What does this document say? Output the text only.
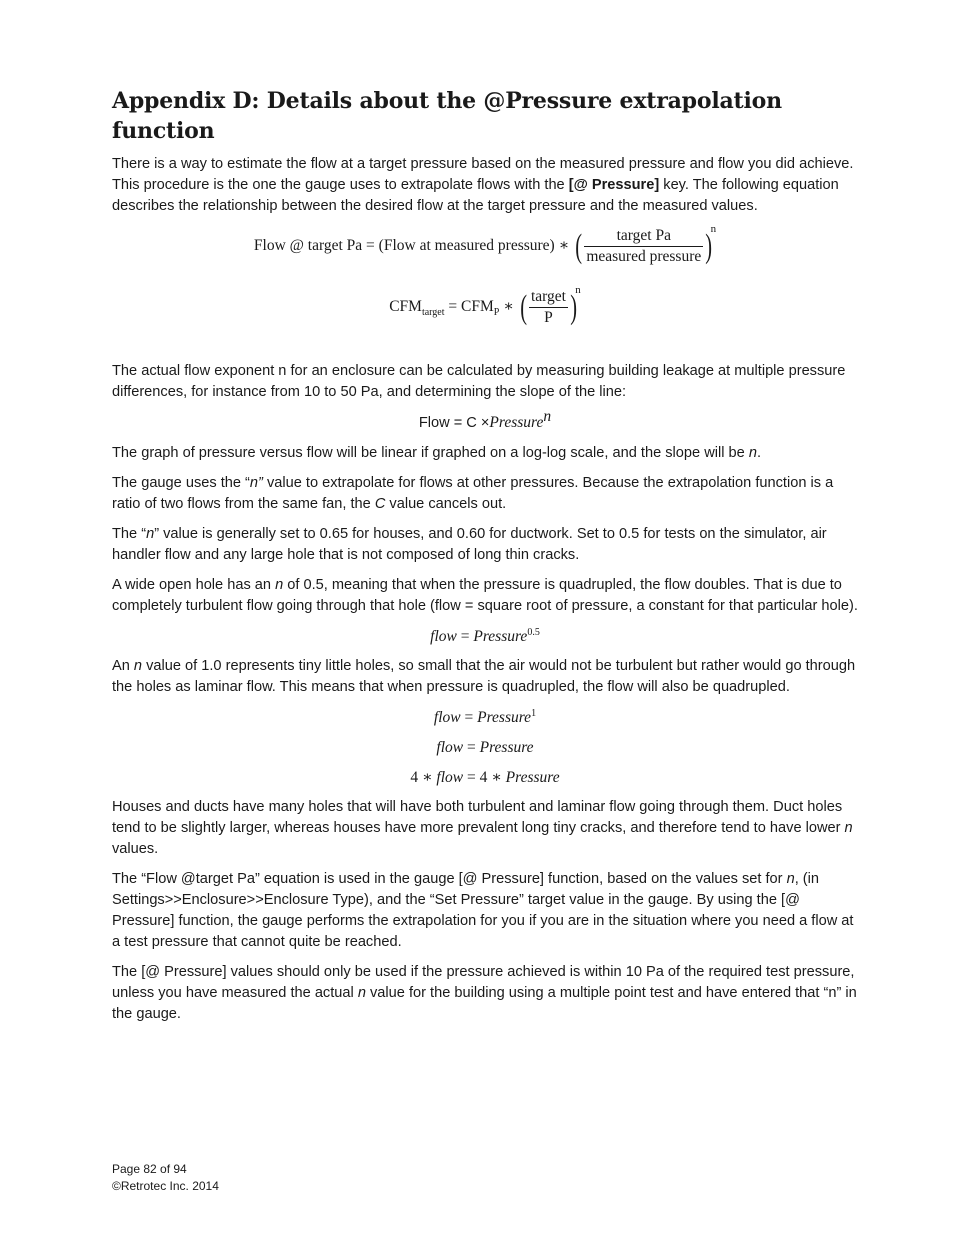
Appendix D: Details about the @Pressure extrapolation function

There is a way to estimate the flow at a target pressure based on the measured pressure and flow you did achieve. This procedure is the one the gauge uses to extrapolate flows with the [@ Pressure] key. The following equation describes the relationship between the desired flow at the target pressure and the measured values.

Flow @ target Pa = (Flow at measured pressure) ∗ ( $\frac{\text{target Pa}}{\text{measured pressure}} )n$
$CFM_{target} = CFM_P$ ∗ ( $\frac{\text{target}}{P} )n$

The actual flow exponent n for an enclosure can be calculated by measuring building leakage at multiple pressure differences, for instance from 10 to 50 Pa, and determining the slope of the line:

Flow = C ×Pressure$^n$

The graph of pressure versus flow will be linear if graphed on a log-log scale, and the slope will be n.

The gauge uses the “n” value to extrapolate for flows at other pressures. Because the extrapolation function is a ratio of two flows from the same fan, the C value cancels out.

The “n” value is generally set to 0.65 for houses, and 0.60 for ductwork. Set to 0.5 for tests on the simulator, air handler flow and any large hole that is not composed of long thin cracks.

A wide open hole has an n of 0.5, meaning that when the pressure is quadrupled, the flow doubles. That is due to completely turbulent flow going through that hole (flow = square root of pressure, a constant for that particular hole).

flow = Pressure$^{0.5}$

An n value of 1.0 represents tiny little holes, so small that the air would not be turbulent but rather would go through the holes as laminar flow. This means that when pressure is quadrupled, the flow will also be quadrupled.

flow = Pressure$^1$
flow = Pressure
4 ∗ flow = 4 ∗ Pressure

Houses and ducts have many holes that will have both turbulent and laminar flow going through them. Duct holes tend to be slightly larger, whereas houses have more prevalent long tiny cracks, and therefore tend to have lower n values.

The “Flow @target Pa” equation is used in the gauge [@ Pressure] function, based on the values set for n, (in Settings>>Enclosure>>Enclosure Type), and the “Set Pressure” target value in the gauge. By using the [@ Pressure] function, the gauge performs the extrapolation for you if you are in the situation where you need a flow at a test pressure that cannot quite be reached.

The [@ Pressure] values should only be used if the pressure achieved is within 10 Pa of the required test pressure, unless you have measured the actual n value for the building using a multiple point test and have entered that “n” in the gauge.

Page 82 of 94
©Retrotec Inc. 2014
